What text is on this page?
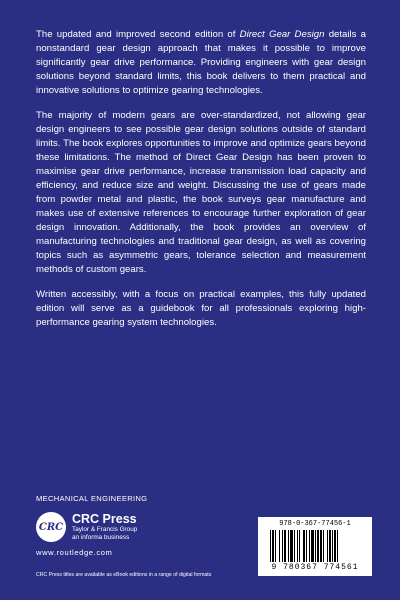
The updated and improved second edition of Direct Gear Design details a nonstandard gear design approach that makes it possible to improve significantly gear drive performance. Providing engineers with gear design solutions beyond standard limits, this book delivers to them practical and innovative solutions to optimize gearing technologies.

The majority of modern gears are over-standardized, not allowing gear design engineers to see possible gear design solutions outside of standard limits. The book explores opportunities to improve and optimize gears beyond these limitations. The method of Direct Gear Design has been proven to maximise gear drive performance, increase transmission load capacity and efficiency, and reduce size and weight. Discussing the use of gears made from powder metal and plastic, the book surveys gear manufacture and makes use of extensive references to encourage further exploration of gear design innovation. Additionally, the book provides an overview of manufacturing technologies and traditional gear design, as well as covering topics such as asymmetric gears, tolerance selection and measurement methods of custom gears.

Written accessibly, with a focus on practical examples, this fully updated edition will serve as a guidebook for all professionals exploring high-performance gearing system technologies.

MECHANICAL ENGINEERING
CRC
CRC Press
Taylor & Francis Group
an informa business
www.routledge.com
CRC Press titles are available as eBook editions in a range of digital formats
978-0-367-77456-1
9 780367 774561
